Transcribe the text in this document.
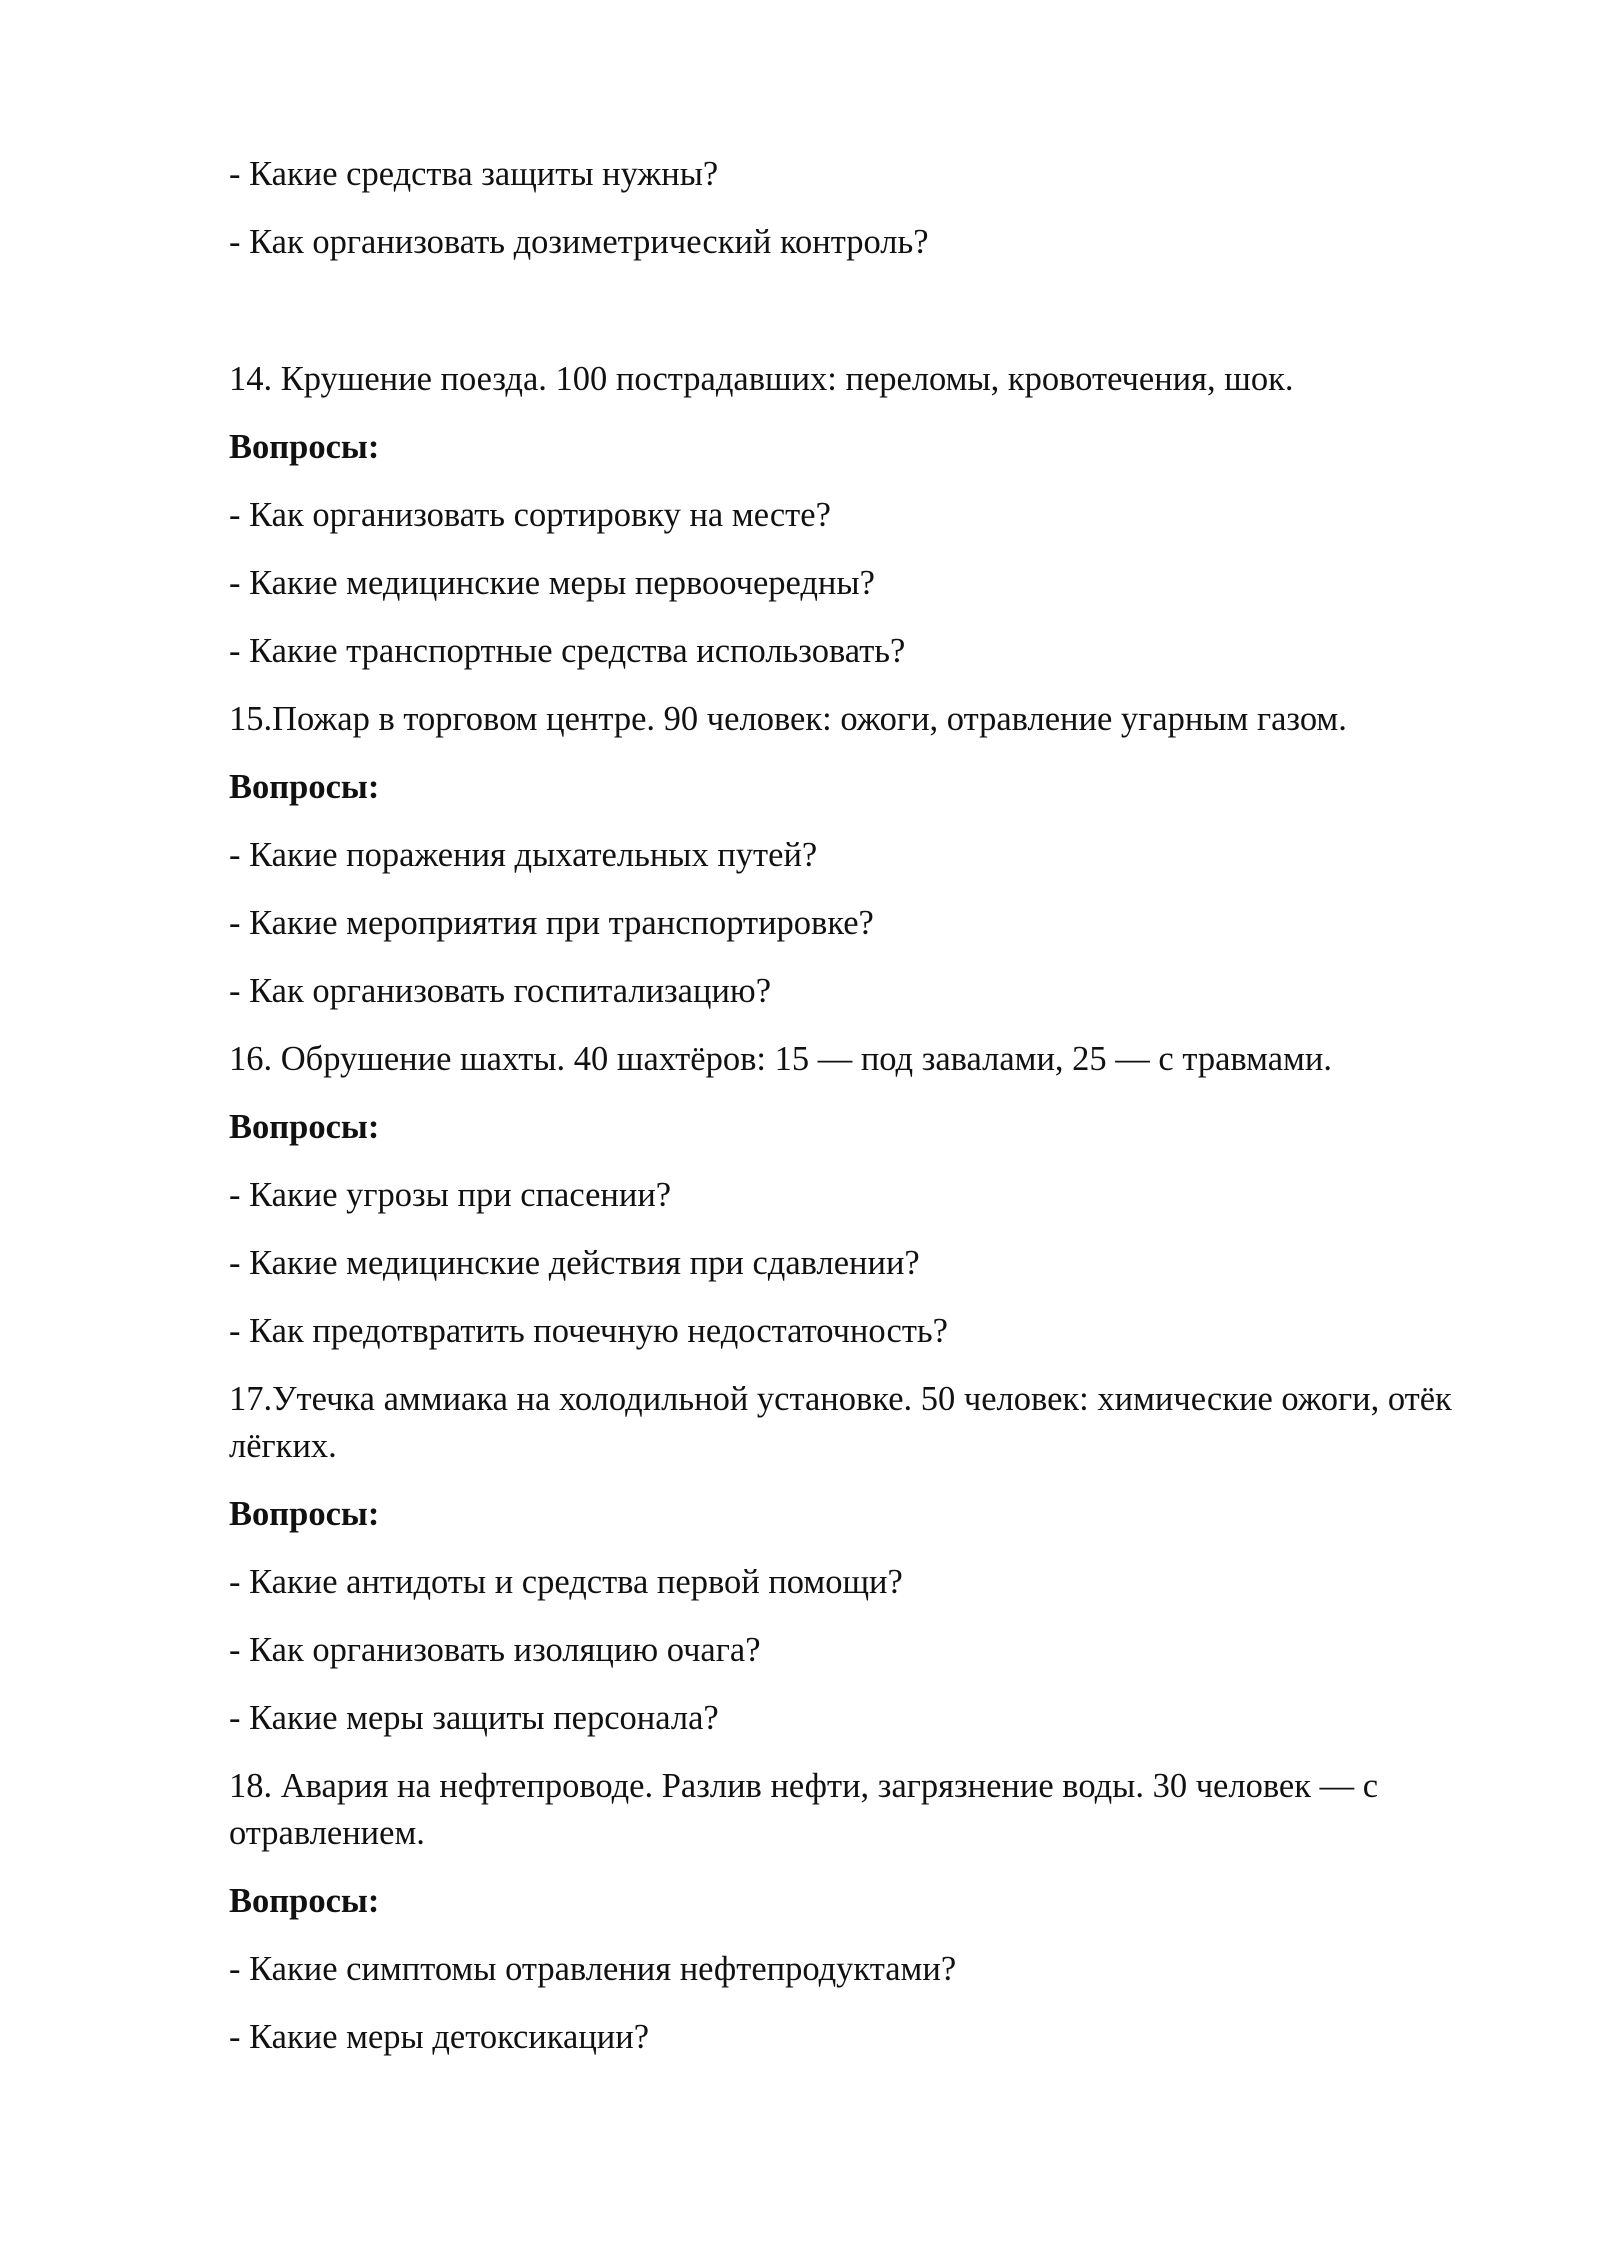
- Какие средства защиты нужны?

- Как организовать дозиметрический контроль?

14. Крушение поезда. 100 пострадавших: переломы, кровотечения, шок.

Вопросы:

- Как организовать сортировку на месте?

- Какие медицинские меры первоочередны?

- Какие транспортные средства использовать?

15.Пожар в торговом центре. 90 человек: ожоги, отравление угарным газом.

Вопросы:

- Какие поражения дыхательных путей?

- Какие мероприятия при транспортировке?

- Как организовать госпитализацию?

16. Обрушение шахты. 40 шахтёров: 15 — под завалами, 25 — с травмами.

Вопросы:

- Какие угрозы при спасении?

- Какие медицинские действия при сдавлении?

- Как предотвратить почечную недостаточность?

17.Утечка аммиака на холодильной установке. 50 человек: химические ожоги, отёк лёгких.

Вопросы:

- Какие антидоты и средства первой помощи?

- Как организовать изоляцию очага?

- Какие меры защиты персонала?

18. Авария на нефтепроводе. Разлив нефти, загрязнение воды. 30 человек — с отравлением.

Вопросы:

- Какие симптомы отравления нефтепродуктами?

- Какие меры детоксикации?
